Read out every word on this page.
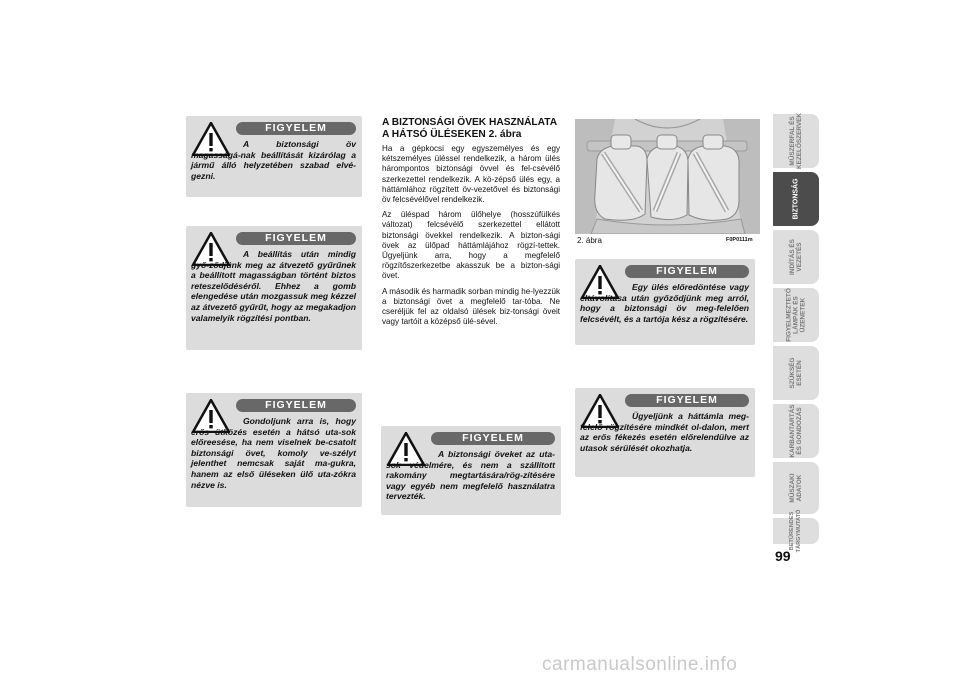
FIGYELEM
A biztonsági öv magasságá-nak beállítását kizárólag a jármű álló helyzetében szabad elvé-gezni.
FIGYELEM
A beállítás után mindig győ-ződjünk meg az átvezető gyűrűnek a beállított magasságban történt biztos reteszelődéséről. Ehhez a gomb elengedése után mozgassuk meg kézzel az átvezető gyűrűt, hogy az megakadjon valamelyik rögzítési pontban.
FIGYELEM
Gondoljunk arra is, hogy erős ütközés esetén a hátsó uta-sok előreesése, ha nem viselnek be-csatolt biztonsági övet, komoly ve-szélyt jelenthet nemcsak saját ma-gukra, hanem az első üléseken ülő uta-zókra nézve is.
FIGYELEM
A biztonsági öveket az uta-sok védelmére, és nem a szállított rakomány megtartására/rög-zítésére vagy egyéb nem megfelelő használatra tervezték.
FIGYELEM
Egy ülés előredöntése vagy eltávolítása után győződjünk meg arról, hogy a biztonsági öv meg-felelően felcsévélt, és a tartója kész a rögzítésére.
FIGYELEM
Ügyeljünk a háttámla meg-felelő rögzítésére mindkét ol-dalon, mert az erős fékezés esetén előrelendülve az utasok sérülését okozhatja.
A BIZTONSÁGI ÖVEK HASZNÁLATA A HÁTSÓ ÜLÉSEKEN 2. ábra

Ha a gépkocsi egy egyszemélyes és egy kétszemélyes üléssel rendelkezik, a három ülés hárompontos biztonsági övvel és fel-csévélő szerkezettel rendelkezik. A kö-zépső ülés egy, a háttámlához rögzített öv-vezetővel és biztonsági öv felcsévélővel rendelkezik.

Az üléspad három ülőhelye (hosszúfülkés változat) felcsévélő szerkezettel ellátott biztonsági övekkel rendelkezik. A bizton-sági övek az ülőpad háttámlájához rögzí-tettek. Ügyeljünk arra, hogy a megfelelő rögzítőszerkezetbe akasszuk be a bizton-sági övet.

A második és harmadik sorban mindig he-lyezzük a biztonsági övet a megfelelő tar-tóba. Ne cseréljük fel az oldalsó ülések biz-tonsági öveit vagy tartóit a középső ülé-sével.

2. ábra	F0P0111m
MŰSZERFAL ÉS
KEZELŐSZERVEK
BIZTONSÁG
INDÍTÁS ÉS
VEZETÉS
FIGYELMEZTETŐ
LÁMPÁK ÉS
ÜZENETEK
SZÜKSÉG
ESETÉN
KARBANTARTÁS
ÉS GONDOZÁS
MŰSZAKI
ADATOK
BETŰRENDES
TÁRGYMUTATÓ
99
carmanualsonline.info
